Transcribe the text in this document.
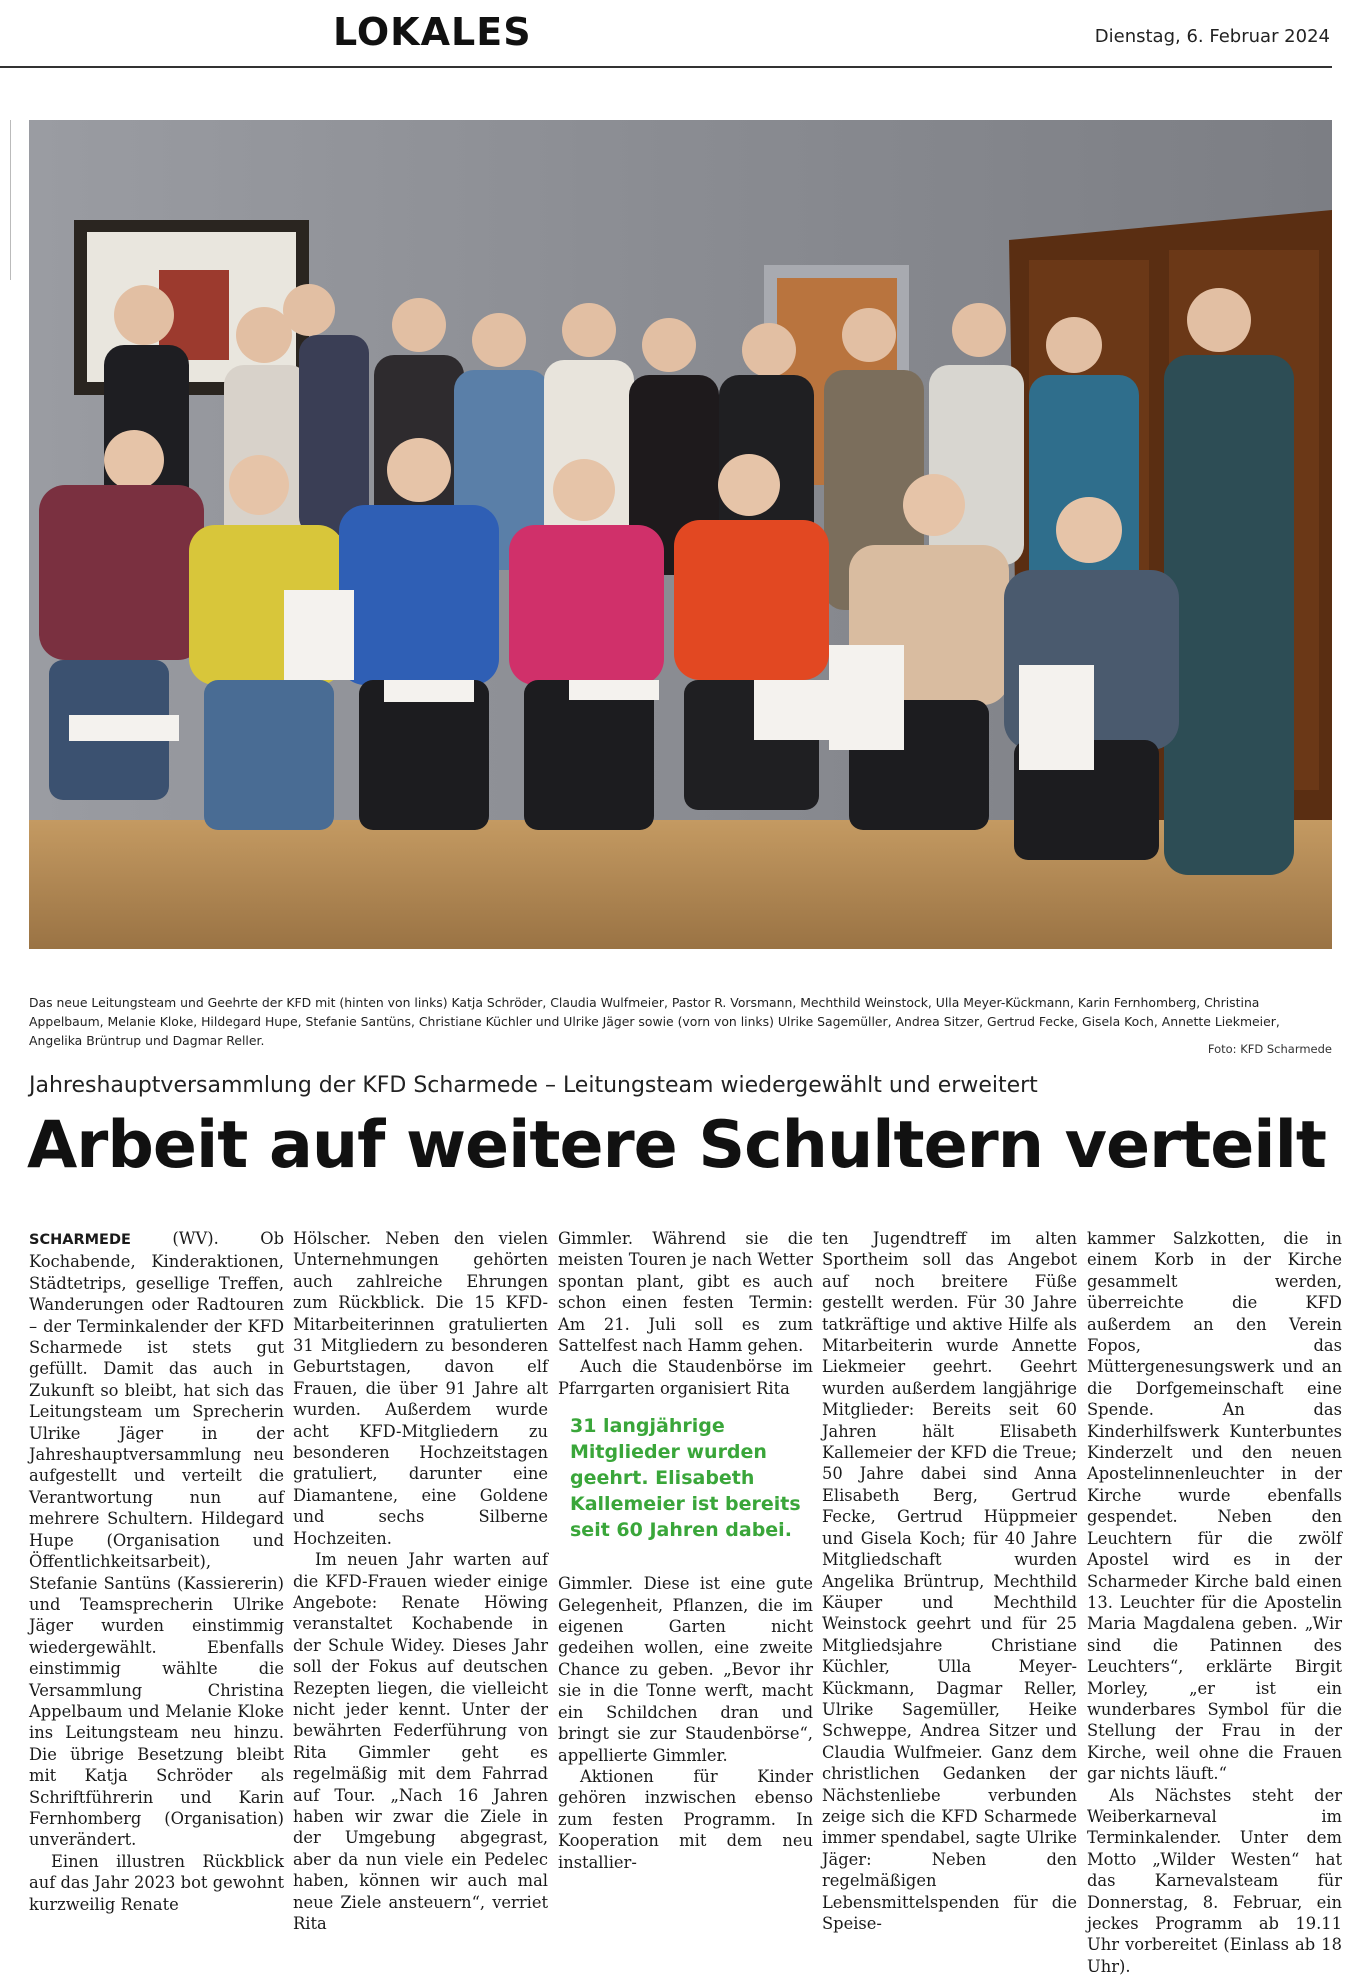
LOKALES	Dienstag, 6. Februar 2024
Das neue Leitungsteam und Geehrte der KFD mit (hinten von links) Katja Schröder, Claudia Wulfmeier, Pastor R. Vorsmann, Mechthild Weinstock, Ulla Meyer-Kückmann, Karin Fernhomberg, Christina Appelbaum, Melanie Kloke, Hildegard Hupe, Stefanie Santüns, Christiane Küchler und Ulrike Jäger sowie (vorn von links) Ulrike Sagemüller, Andrea Sitzer, Gertrud Fecke, Gisela Koch, Annette Liekmeier, Angelika Brüntrup und Dagmar Reller.
Foto: KFD Scharmede
Jahreshauptversammlung der KFD Scharmede – Leitungsteam wiedergewählt und erweitert
Arbeit auf weitere Schultern verteilt

SCHARMEDE (WV). Ob Kochabende, Kinderaktionen, Städtetrips, gesellige Treffen, Wanderungen oder Radtouren – der Terminkalender der KFD Scharmede ist stets gut gefüllt. Damit das auch in Zukunft so bleibt, hat sich das Leitungsteam um Sprecherin Ulrike Jäger in der Jahreshauptversammlung neu aufgestellt und verteilt die Verantwortung nun auf mehrere Schultern. Hildegard Hupe (Organisation und Öffentlichkeitsarbeit), Stefanie Santüns (Kassiererin) und Teamsprecherin Ulrike Jäger wurden einstimmig wiedergewählt. Ebenfalls einstimmig wählte die Versammlung Christina Appelbaum und Melanie Kloke ins Leitungsteam neu hinzu. Die übrige Besetzung bleibt mit Katja Schröder als Schriftführerin und Karin Fernhomberg (Organisation) unverändert.

Einen illustren Rückblick auf das Jahr 2023 bot gewohnt kurzweilig Renate

Hölscher. Neben den vielen Unternehmungen gehörten auch zahlreiche Ehrungen zum Rückblick. Die 15 KFD-Mitarbeiterinnen gratulierten 31 Mitgliedern zu besonderen Geburtstagen, davon elf Frauen, die über 91 Jahre alt wurden. Außerdem wurde acht KFD-Mitgliedern zu besonderen Hochzeitstagen gratuliert, darunter eine Diamantene, eine Goldene und sechs Silberne Hochzeiten.

Im neuen Jahr warten auf die KFD-Frauen wieder einige Angebote: Renate Höwing veranstaltet Kochabende in der Schule Widey. Dieses Jahr soll der Fokus auf deutschen Rezepten liegen, die vielleicht nicht jeder kennt. Unter der bewährten Federführung von Rita Gimmler geht es regelmäßig mit dem Fahrrad auf Tour. „Nach 16 Jahren haben wir zwar die Ziele in der Umgebung abgegrast, aber da nun viele ein Pedelec haben, können wir auch mal neue Ziele ansteuern“, verriet Rita

Gimmler. Während sie die meisten Touren je nach Wetter spontan plant, gibt es auch schon einen festen Termin: Am 21. Juli soll es zum Sattelfest nach Hamm gehen.

Auch die Staudenbörse im Pfarrgarten organisiert Rita

31 langjährige Mitglieder wurden geehrt. Elisabeth Kallemeier ist bereits seit 60 Jahren dabei.

Gimmler. Diese ist eine gute Gelegenheit, Pflanzen, die im eigenen Garten nicht gedeihen wollen, eine zweite Chance zu geben. „Bevor ihr sie in die Tonne werft, macht ein Schildchen dran und bringt sie zur Staudenbörse“, appellierte Gimmler.

Aktionen für Kinder gehören inzwischen ebenso zum festen Programm. In Kooperation mit dem neu installier-

ten Jugendtreff im alten Sportheim soll das Angebot auf noch breitere Füße gestellt werden. Für 30 Jahre tatkräftige und aktive Hilfe als Mitarbeiterin wurde Annette Liekmeier geehrt. Geehrt wurden außerdem langjährige Mitglieder: Bereits seit 60 Jahren hält Elisabeth Kallemeier der KFD die Treue; 50 Jahre dabei sind Anna Elisabeth Berg, Gertrud Fecke, Gertrud Hüppmeier und Gisela Koch; für 40 Jahre Mitgliedschaft wurden Angelika Brüntrup, Mechthild Käuper und Mechthild Weinstock geehrt und für 25 Mitgliedsjahre Christiane Küchler, Ulla Meyer-Kückmann, Dagmar Reller, Ulrike Sagemüller, Heike Schweppe, Andrea Sitzer und Claudia Wulfmeier. Ganz dem christlichen Gedanken der Nächstenliebe verbunden zeige sich die KFD Scharmede immer spendabel, sagte Ulrike Jäger: Neben den regelmäßigen Lebensmittelspenden für die Speise-

kammer Salzkotten, die in einem Korb in der Kirche gesammelt werden, überreichte die KFD außerdem an den Verein Fopos, das Müttergenesungswerk und an die Dorfgemeinschaft eine Spende. An das Kinderhilfswerk Kunterbuntes Kinderzelt und den neuen Apostelinnenleuchter in der Kirche wurde ebenfalls gespendet. Neben den Leuchtern für die zwölf Apostel wird es in der Scharmeder Kirche bald einen 13. Leuchter für die Apostelin Maria Magdalena geben. „Wir sind die Patinnen des Leuchters“, erklärte Birgit Morley, „er ist ein wunderbares Symbol für die Stellung der Frau in der Kirche, weil ohne die Frauen gar nichts läuft.“

Als Nächstes steht der Weiberkarneval im Terminkalender. Unter dem Motto „Wilder Westen“ hat das Karnevalsteam für Donnerstag, 8. Februar, ein jeckes Programm ab 19.11 Uhr vorbereitet (Einlass ab 18 Uhr).
